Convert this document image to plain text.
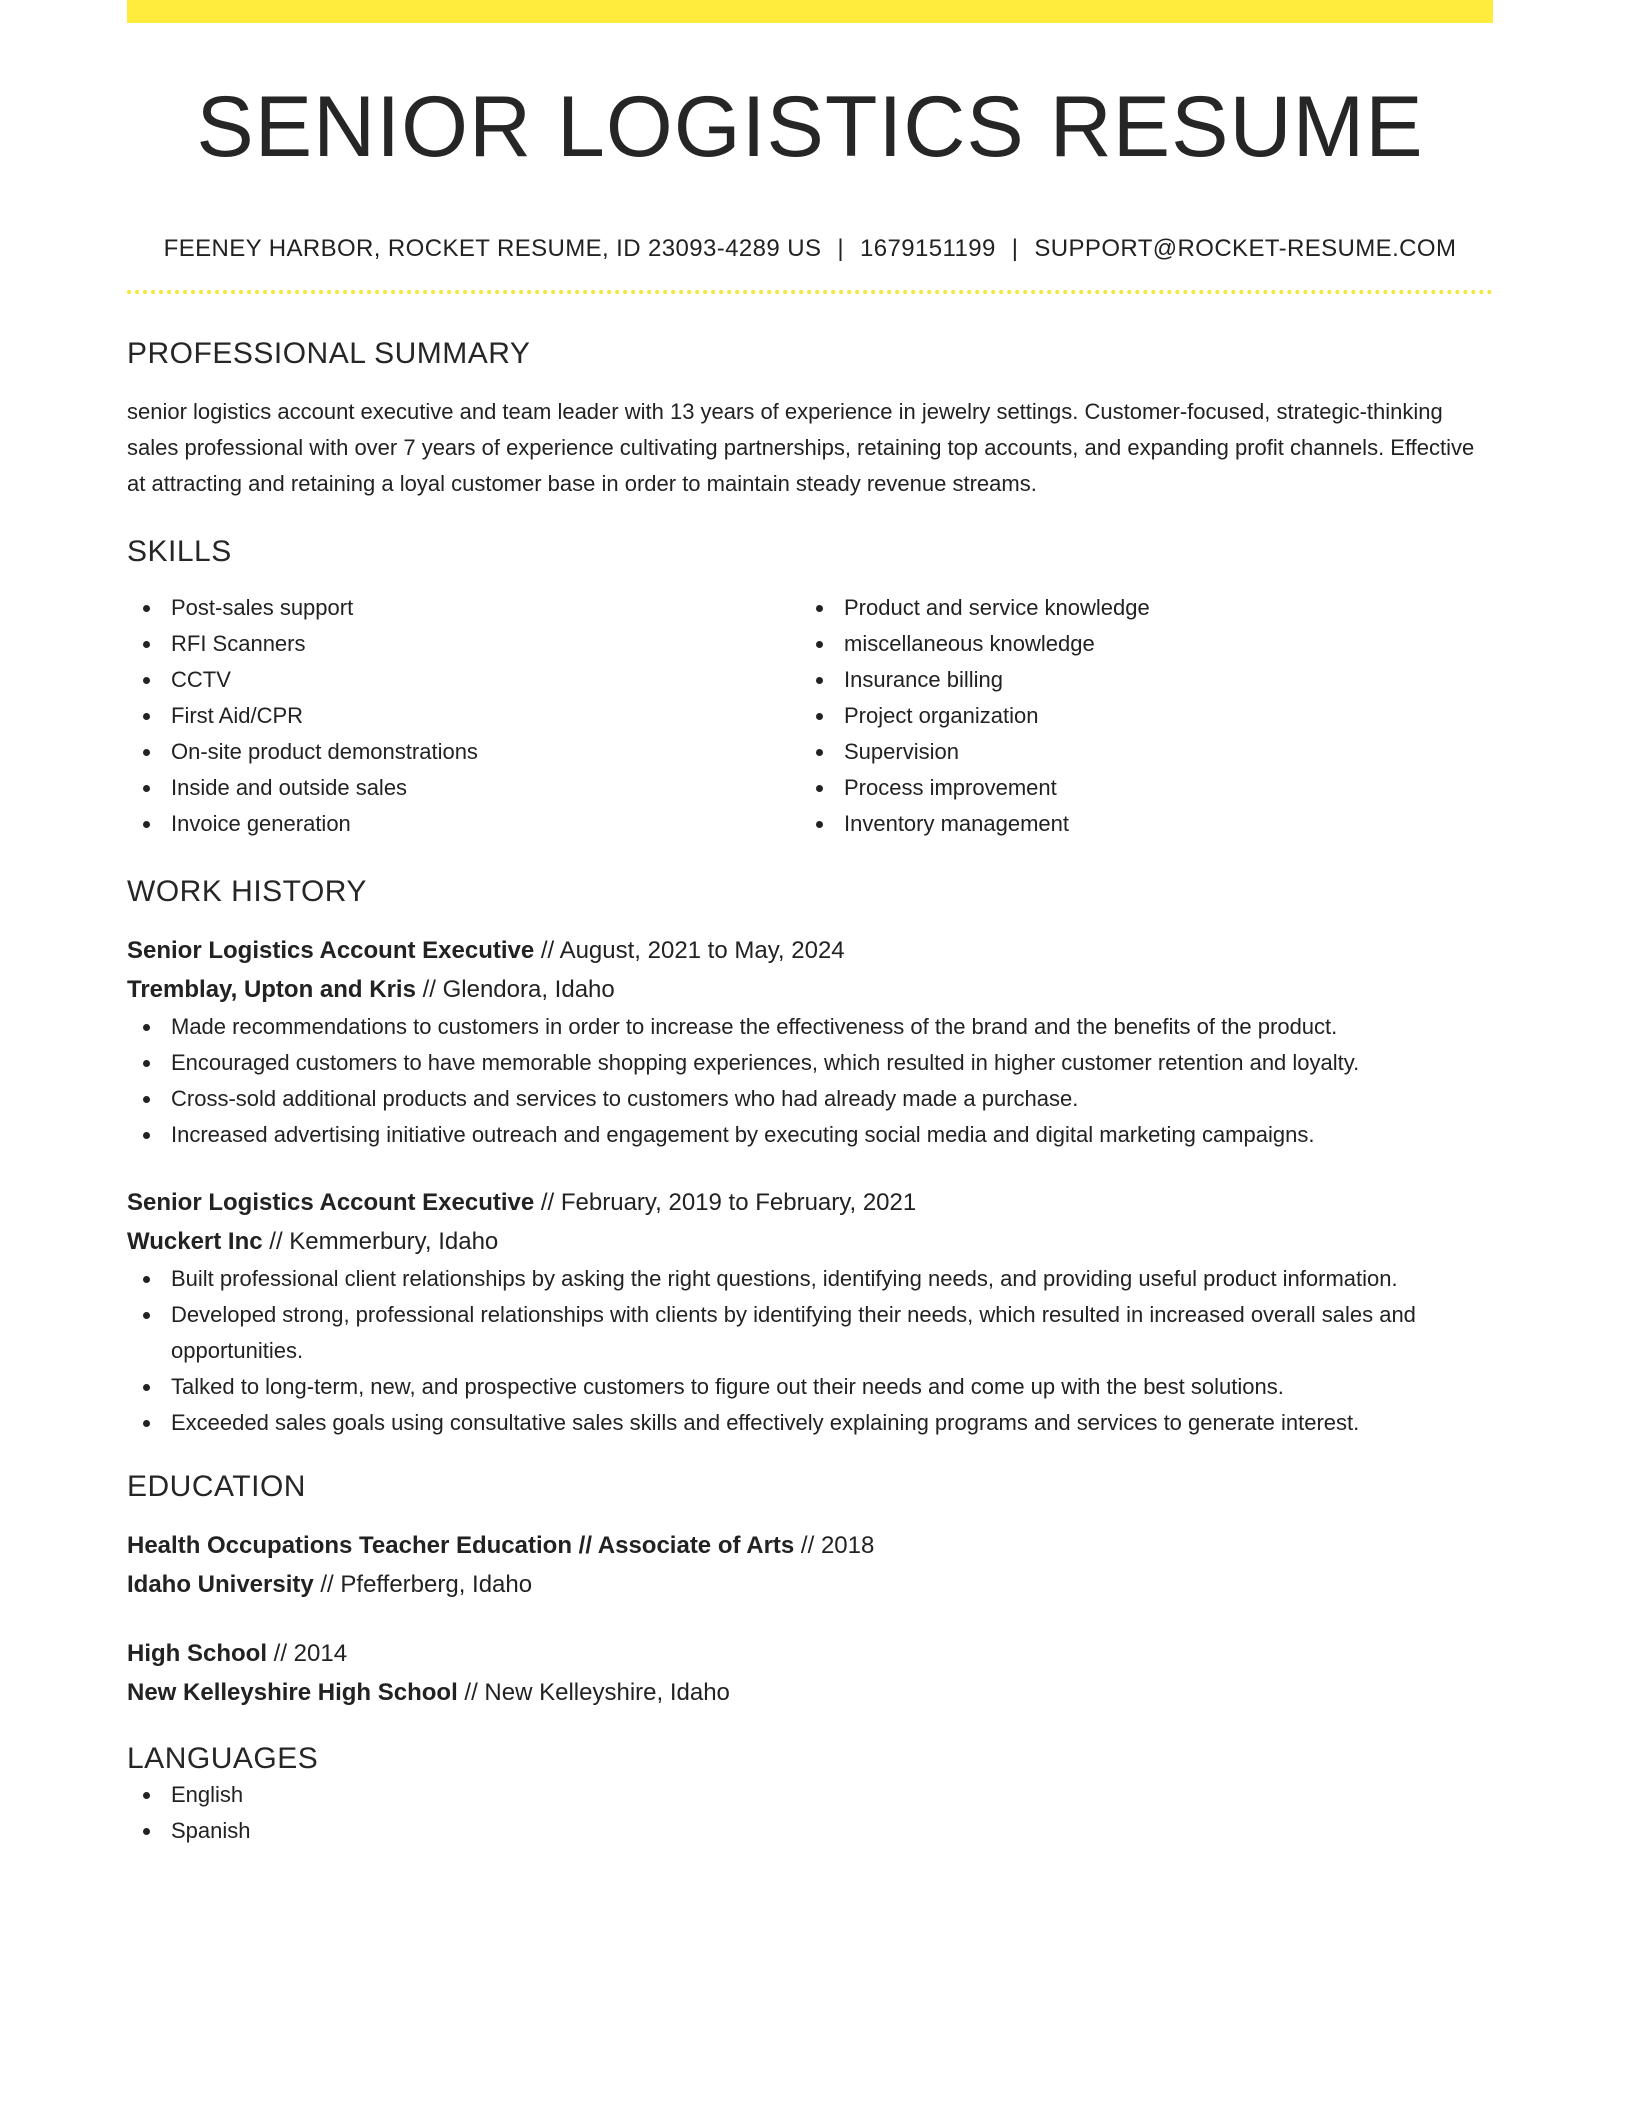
SENIOR LOGISTICS RESUME
FEENEY HARBOR, ROCKET RESUME, ID 23093-4289 US | 1679151199 | SUPPORT@ROCKET-RESUME.COM
PROFESSIONAL SUMMARY

senior logistics account executive and team leader with 13 years of experience in jewelry settings. Customer-focused, strategic-thinking sales professional with over 7 years of experience cultivating partnerships, retaining top accounts, and expanding profit channels. Effective at attracting and retaining a loyal customer base in order to maintain steady revenue streams.

SKILLS
Post-sales support
RFI Scanners
CCTV
First Aid/CPR
On-site product demonstrations
Inside and outside sales
Invoice generation
Product and service knowledge
miscellaneous knowledge
Insurance billing
Project organization
Supervision
Process improvement
Inventory management
WORK HISTORY
Senior Logistics Account Executive // August, 2021 to May, 2024
Tremblay, Upton and Kris // Glendora, Idaho
Made recommendations to customers in order to increase the effectiveness of the brand and the benefits of the product.
Encouraged customers to have memorable shopping experiences, which resulted in higher customer retention and loyalty.
Cross-sold additional products and services to customers who had already made a purchase.
Increased advertising initiative outreach and engagement by executing social media and digital marketing campaigns.
Senior Logistics Account Executive // February, 2019 to February, 2021
Wuckert Inc // Kemmerbury, Idaho
Built professional client relationships by asking the right questions, identifying needs, and providing useful product information.
Developed strong, professional relationships with clients by identifying their needs, which resulted in increased overall sales and opportunities.
Talked to long-term, new, and prospective customers to figure out their needs and come up with the best solutions.
Exceeded sales goals using consultative sales skills and effectively explaining programs and services to generate interest.
EDUCATION
Health Occupations Teacher Education // Associate of Arts // 2018
Idaho University // Pfefferberg, Idaho
High School // 2014
New Kelleyshire High School // New Kelleyshire, Idaho
LANGUAGES
English
Spanish
